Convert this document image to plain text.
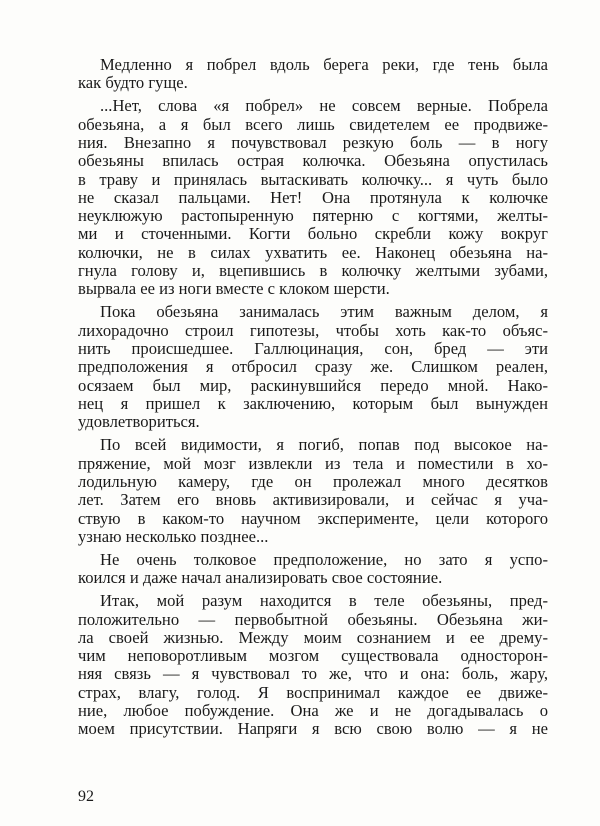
Медленно я побрел вдоль берега реки, где тень была
как будто гуще.
...Нет, слова «я побрел» не совсем верные. Побрела
обезьяна, а я был всего лишь свидетелем ее продвиже-
ния. Внезапно я почувствовал резкую боль — в ногу
обезьяны впилась острая колючка. Обезьяна опустилась
в траву и принялась вытаскивать колючку... я чуть было
не сказал пальцами. Нет! Она протянула к колючке
неуклюжую растопыренную пятерню с когтями, желты-
ми и сточенными. Когти больно скребли кожу вокруг
колючки, не в силах ухватить ее. Наконец обезьяна на-
гнула голову и, вцепившись в колючку желтыми зубами,
вырвала ее из ноги вместе с клоком шерсти.
Пока обезьяна занималась этим важным делом, я
лихорадочно строил гипотезы, чтобы хоть как-то объяс-
нить происшедшее. Галлюцинация, сон, бред — эти
предположения я отбросил сразу же. Слишком реален,
осязаем был мир, раскинувшийся передо мной. Нако-
нец я пришел к заключению, которым был вынужден
удовлетвориться.
По всей видимости, я погиб, попав под высокое на-
пряжение, мой мозг извлекли из тела и поместили в хо-
лодильную камеру, где он пролежал много десятков
лет. Затем его вновь активизировали, и сейчас я уча-
ствую в каком-то научном эксперименте, цели которого
узнаю несколько позднее...
Не очень толковое предположение, но зато я успо-
коился и даже начал анализировать свое состояние.
Итак, мой разум находится в теле обезьяны, пред-
положительно — первобытной обезьяны. Обезьяна жи-
ла своей жизнью. Между моим сознанием и ее дрему-
чим неповоротливым мозгом существовала односторон-
няя связь — я чувствовал то же, что и она: боль, жару,
страх, влагу, голод. Я воспринимал каждое ее движе-
ние, любое побуждение. Она же и не догадывалась о
моем присутствии. Напряги я всю свою волю — я не
92
